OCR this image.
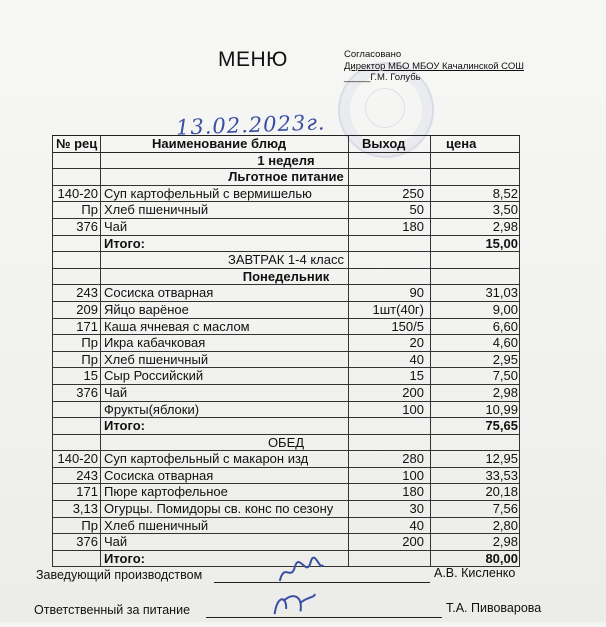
МЕНЮ	Согласовано
Директор МБО МБОУ Качалинской СОШ
_____Г.М. Голубь
13.02.2023г.
№ рец	Наименование блюд	Выход	цена
1 неделя
Льготное питание
140-20 Суп картофельный с вермишелью	250	8,52
Пр Хлеб пшеничный	50	3,50
376 Чай	180	2,98
Итого:	15,00
ЗАВТРАК 1-4 класс
Понедельник
243 Сосиска отварная	90	31,03
209 Яйцо варёное	1шт(40г)	9,00
171 Каша ячневая с маслом	150/5	6,60
Пр Икра кабачковая	20	4,60
Пр Хлеб пшеничный	40	2,95
15 Сыр Российский	15	7,50
376 Чай	200	2,98
Фрукты(яблоки)	100	10,99
Итого:	75,65
ОБЕД
140-20 Суп картофельный с макарон изд	280	12,95
243 Сосиска отварная	100	33,53
171 Пюре картофельное	180	20,18
3,13 Огурцы. Помидоры св. конс по сезону	30	7,56
Пр Хлеб пшеничный	40	2,80
376 Чай	200	2,98
Итого:	80,00
Заведующий производством	А.В. Кисленко
Ответственный за питание	Т.А. Пивоварова
